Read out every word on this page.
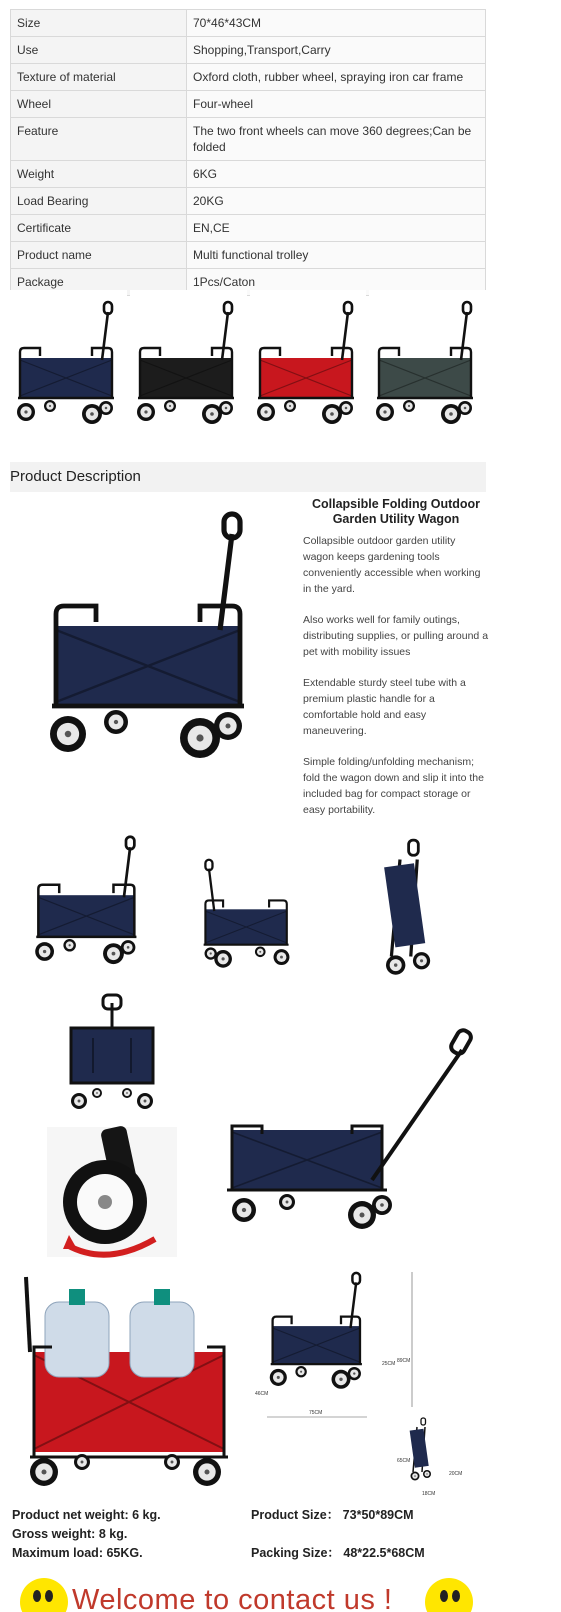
Size	70*46*43CM
Use	Shopping,Transport,Carry
Texture of material	Oxford cloth, rubber wheel, spraying iron car frame
Wheel	Four-wheel
Feature	The two front wheels can move 360 degrees;Can be folded
Weight	6KG
Load Bearing	20KG
Certificate	EN,CE
Product name	Multi functional trolley
Package	1Pcs/Caton
Product Description
Collapsible Folding Outdoor Garden Utility Wagon

Collapsible outdoor garden utility wagon keeps gardening tools conveniently accessible when working in the yard.

Also works well for family outings, distributing supplies, or pulling around a pet with mobility issues

Extendable sturdy steel tube with a premium plastic handle for a comfortable hold and easy maneuvering.

Simple folding/unfolding mechanism; fold the wagon down and slip it into the included bag for compact storage or easy portability.

89CM
75CM
46CM
25CM
65CM
18CM
20CM
Product net weight: 6 kg.
Gross weight: 8 kg.
Maximum load: 65KG.
Product Size： 73*50*89CM
Packing Size： 48*22.5*68CM
Welcome to contact us !
